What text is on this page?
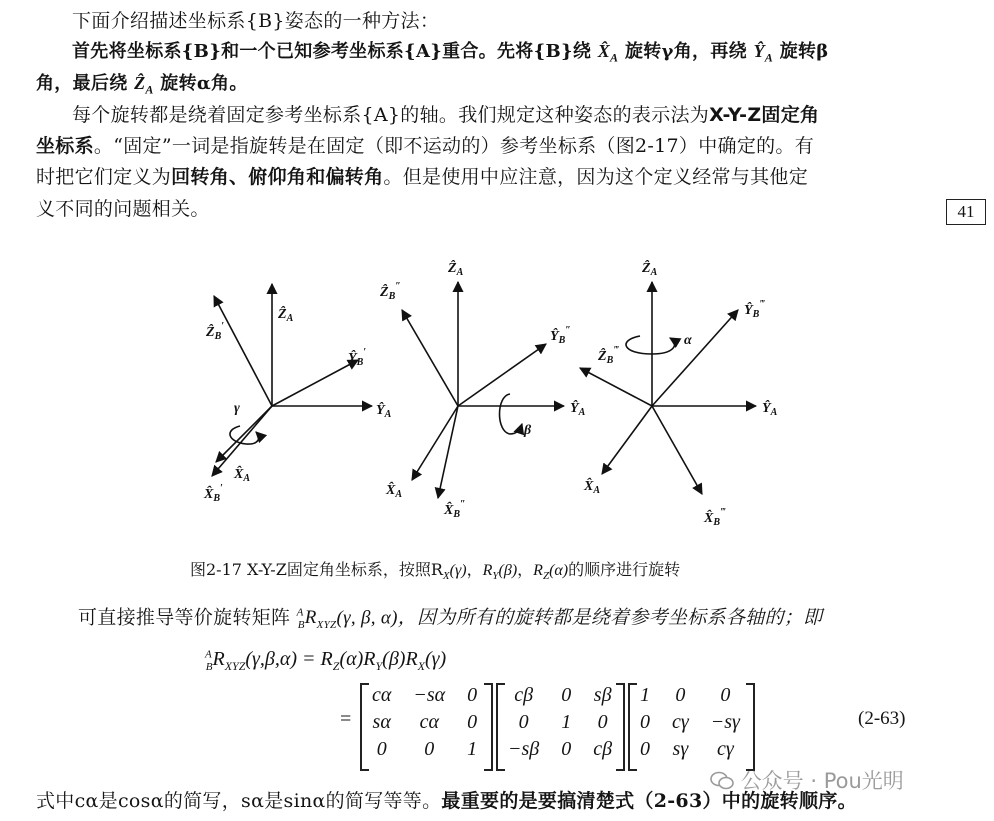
下面介绍描述坐标系{B}姿态的一种方法：
首先将坐标系{B}和一个已知参考坐标系{A}重合。先将{B}绕 $X̂_A$ 旋转γ角，再绕 $Ŷ_A$ 旋转β
角，最后绕 Ẑ$_A$ 旋转α角。
每个旋转都是绕着固定参考坐标系{A}的轴。我们规定这种姿态的表示法为X-Y-Z固定角
坐标系。“固定”一词是指旋转是在固定（即不运动的）参考坐标系（图2-17）中确定的。有
时把它们定义为回转角、俯仰角和偏转角。但是使用中应注意，因为这个定义经常与其他定
义不同的问题相关。	41
Ẑ$_A$
$Ŷ_A$
Ẑ$_B$′
$Ŷ_B'$
$X̂_A$
$X̂_B'$
γ
Ẑ$_A$
$Ŷ_A$
Ẑ$_B$″
$Ŷ_B''$
$X̂_A$
$X̂_B''$
β
Ẑ$_A$
$Ŷ_A$
Ẑ$_B$‴
$Ŷ_B^‴$
$X̂_A$
$X̂_B^‴$
α
图2-17 X-Y-Z固定角坐标系，按照$R_X(\gamma)$，$R_Y(\beta)$，$R_Z(\alpha)$的顺序进行旋转
可直接推导等价旋转矩阵 $^A_BR_{XYZ}(\gamma$, β, α)，因为所有的旋转都是绕着参考坐标系各轴的；即
$^A_BR_{XYZ}(\gamma,\beta,\alpha) = R_Z(\alpha)R_Y(\beta)R_X(\gamma)$
=
cα −sα 0
sα	cα	0
0	0	1
cβ	0 sβ
0	1 0
−sβ 0 cβ
1 0	0
0 cγ −sγ
0 sγ	cγ
(2-63)
式中cα是cosα的简写，sα是sinα的简写等等。最重要的是要搞清楚式（2-63）中的旋转顺序。
公众号 · Pou光明
